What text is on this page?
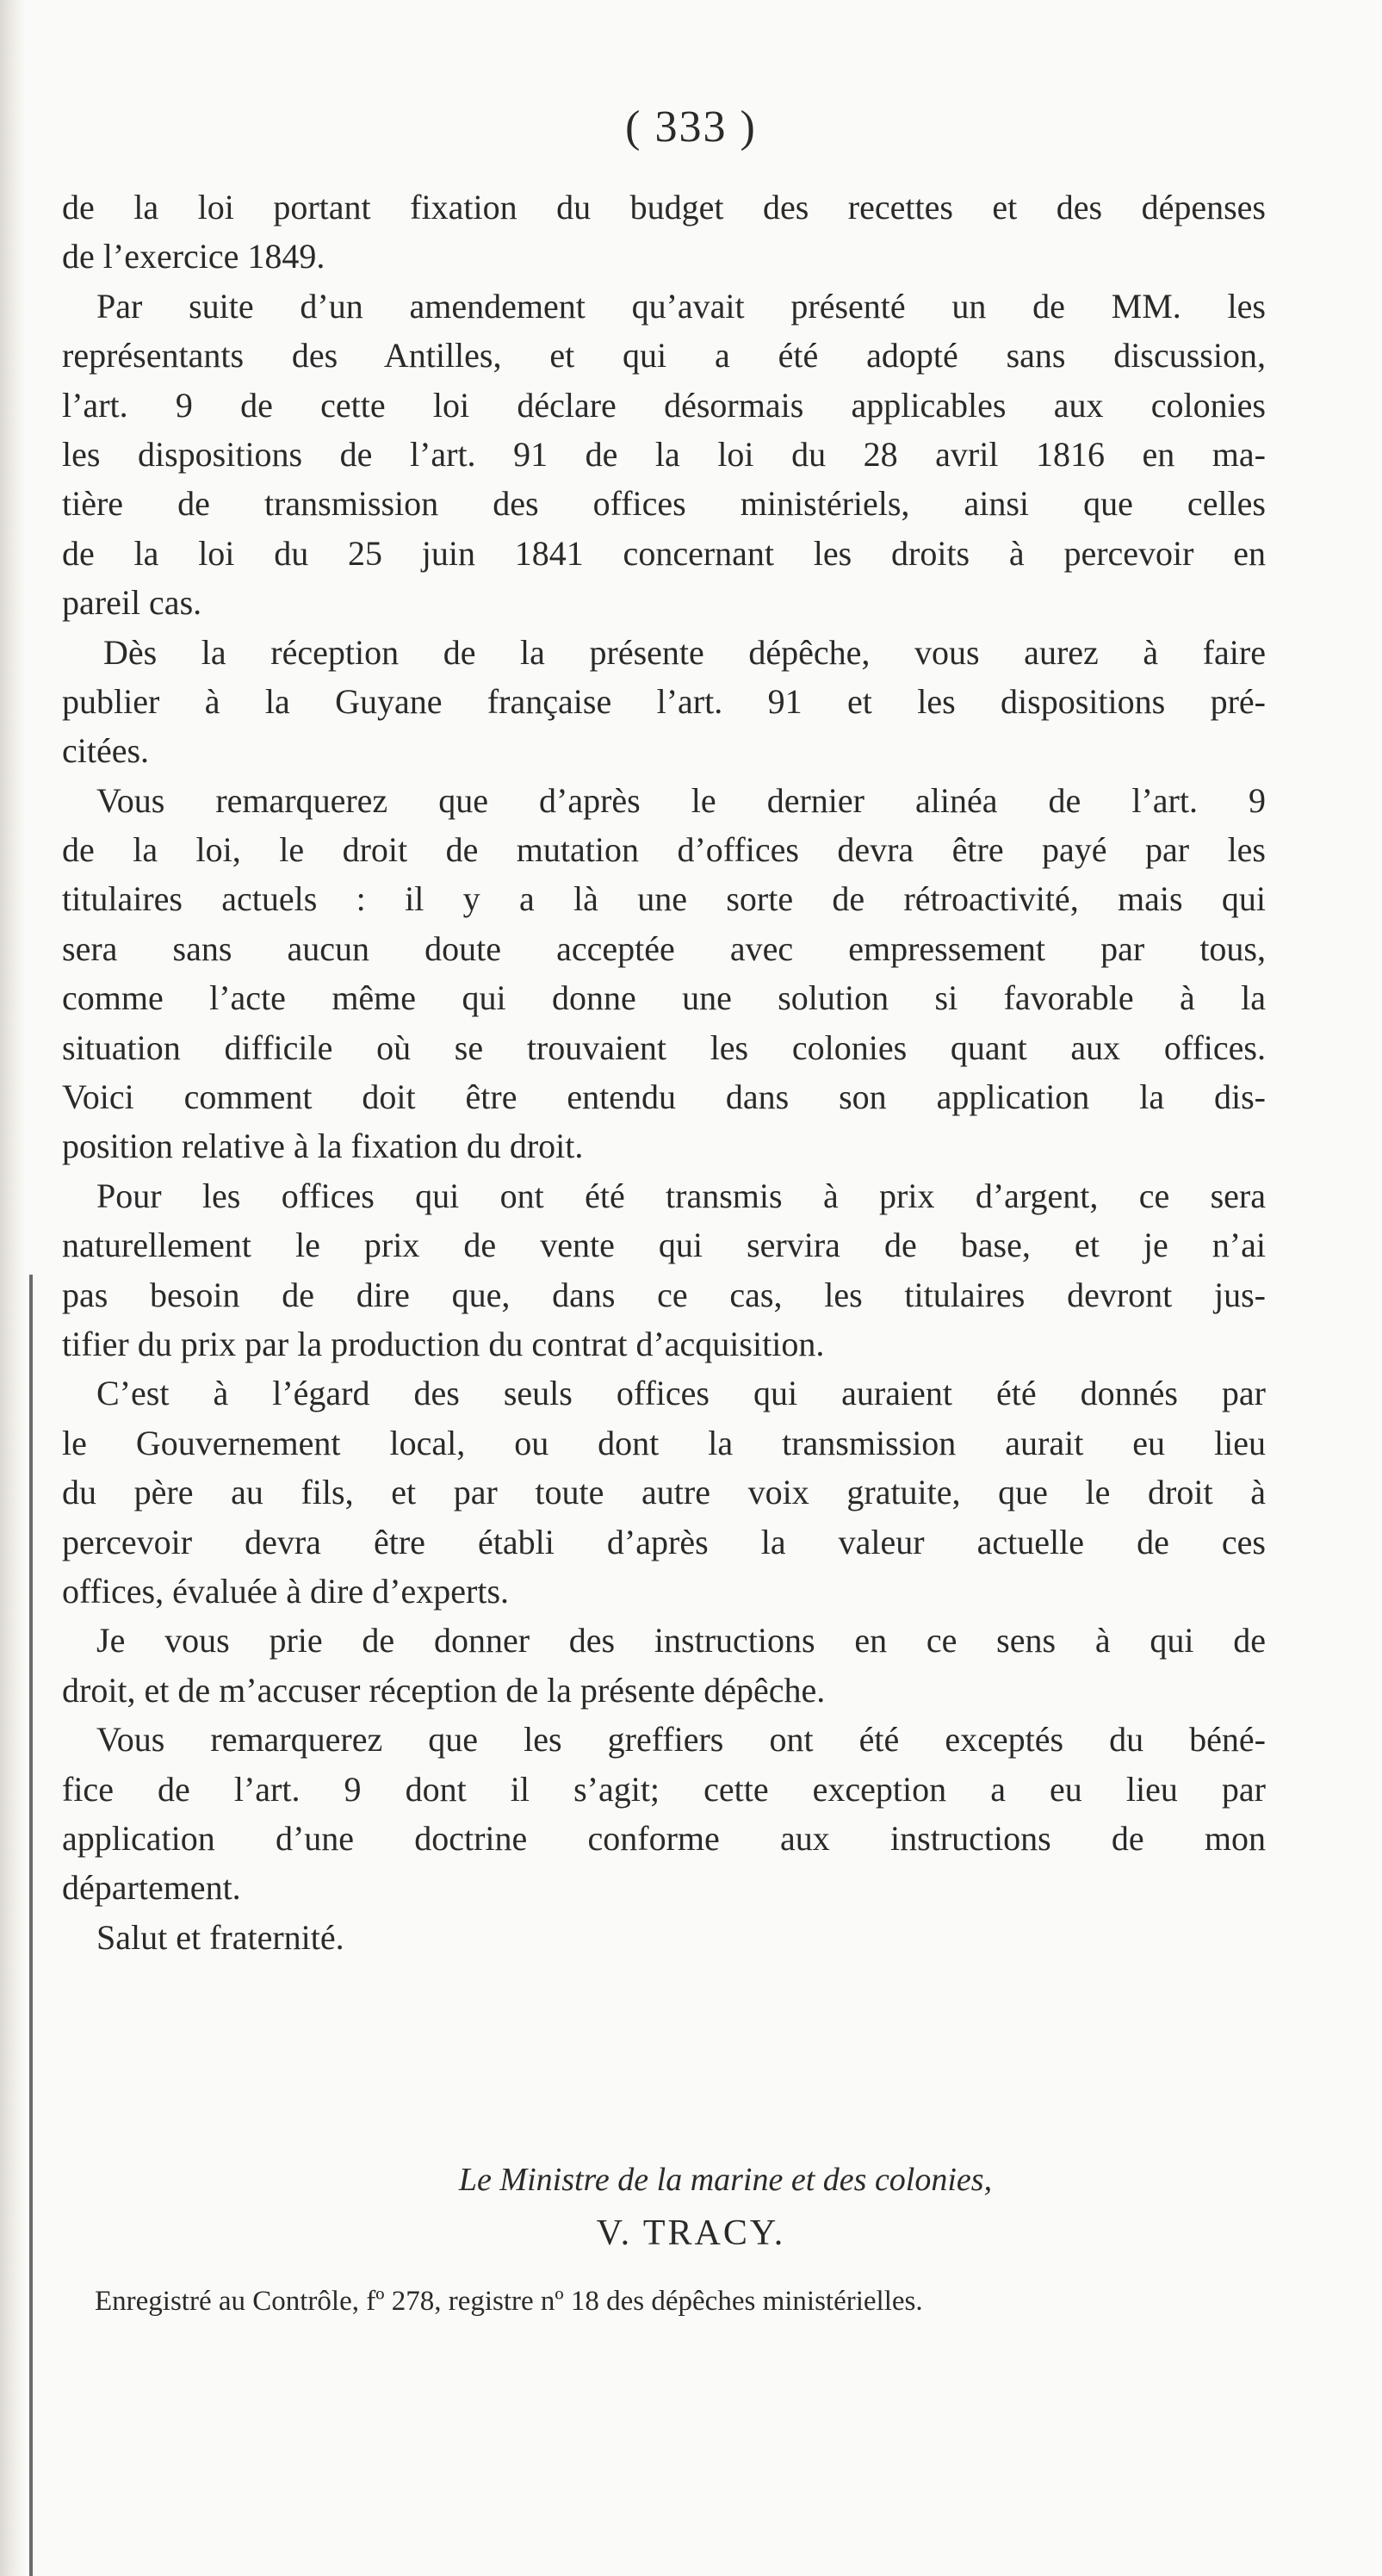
( 333 )
de la loi portant fixation du budget des recettes et des dépenses
de l’exercice 1849.
Par suite d’un amendement qu’avait présenté un de MM. les
représentants des Antilles, et qui a été adopté sans discussion,
l’art. 9 de cette loi déclare désormais applicables aux colonies
les dispositions de l’art. 91 de la loi du 28 avril 1816 en ma-
tière de transmission des offices ministériels, ainsi que celles
de la loi du 25 juin 1841 concernant les droits à percevoir en
pareil cas.
Dès la réception de la présente dépêche, vous aurez à faire
publier à la Guyane française l’art. 91 et les dispositions pré-
citées.
Vous remarquerez que d’après le dernier alinéa de l’art. 9
de la loi, le droit de mutation d’offices devra être payé par les
titulaires actuels : il y a là une sorte de rétroactivité, mais qui
sera sans aucun doute acceptée avec empressement par tous,
comme l’acte même qui donne une solution si favorable à la
situation difficile où se trouvaient les colonies quant aux offices.
Voici comment doit être entendu dans son application la dis-
position relative à la fixation du droit.
Pour les offices qui ont été transmis à prix d’argent, ce sera
naturellement le prix de vente qui servira de base, et je n’ai
pas besoin de dire que, dans ce cas, les titulaires devront jus-
tifier du prix par la production du contrat d’acquisition.
C’est à l’égard des seuls offices qui auraient été donnés par
le Gouvernement local, ou dont la transmission aurait eu lieu
du père au fils, et par toute autre voix gratuite, que le droit à
percevoir devra être établi d’après la valeur actuelle de ces
offices, évaluée à dire d’experts.
Je vous prie de donner des instructions en ce sens à qui de
droit, et de m’accuser réception de la présente dépêche.
Vous remarquerez que les greffiers ont été exceptés du béné-
fice de l’art. 9 dont il s’agit; cette exception a eu lieu par
application d’une doctrine conforme aux instructions de mon
département.
Salut et fraternité.
Le Ministre de la marine et des colonies,
V. TRACY.
Enregistré au Contrôle, fº 278, registre nº 18 des dépêches ministérielles.
